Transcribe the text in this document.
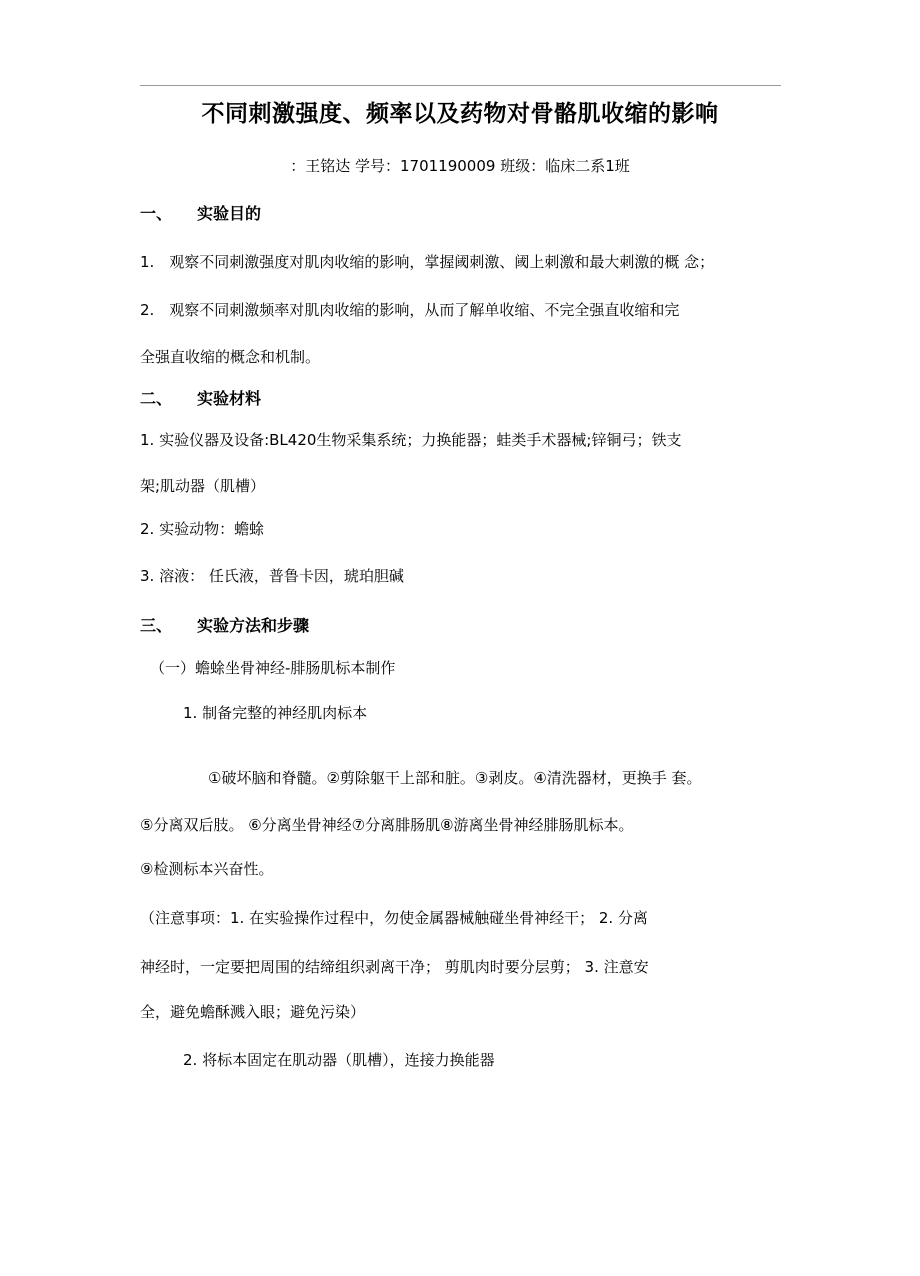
不同刺激强度、频率以及药物对骨骼肌收缩的影响
：王铭达 学号：1701190009 班级：临床二系1班
一、 实验目的
1.　观察不同刺激强度对肌肉收缩的影响，掌握阈刺激、阈上刺激和最大刺激的概 念；
2.　观察不同刺激频率对肌肉收缩的影响，从而了解单收缩、不完全强直收缩和完
全强直收缩的概念和机制。
二、 实验材料
1. 实验仪器及设备:BL420生物采集系统；力换能器；蛙类手术器械;锌铜弓；铁支
架;肌动器（肌槽）
2. 实验动物：蟾蜍
3. 溶液： 任氏液，普鲁卡因，琥珀胆碱
三、 实验方法和步骤
（一）蟾蜍坐骨神经-腓肠肌标本制作
1. 制备完整的神经肌肉标本
①破坏脑和脊髓。②剪除躯干上部和脏。③剥皮。④清洗器材，更换手 套。
⑤分离双后肢。 ⑥分离坐骨神经⑦分离腓肠肌⑧游离坐骨神经腓肠肌标本。
⑨检测标本兴奋性。
（注意事项：1. 在实验操作过程中，勿使金属器械触碰坐骨神经干； 2. 分离
神经时，一定要把周围的结缔组织剥离干净； 剪肌肉时要分层剪； 3. 注意安
全，避免蟾酥溅入眼；避免污染）
2. 将标本固定在肌动器（肌槽），连接力换能器
